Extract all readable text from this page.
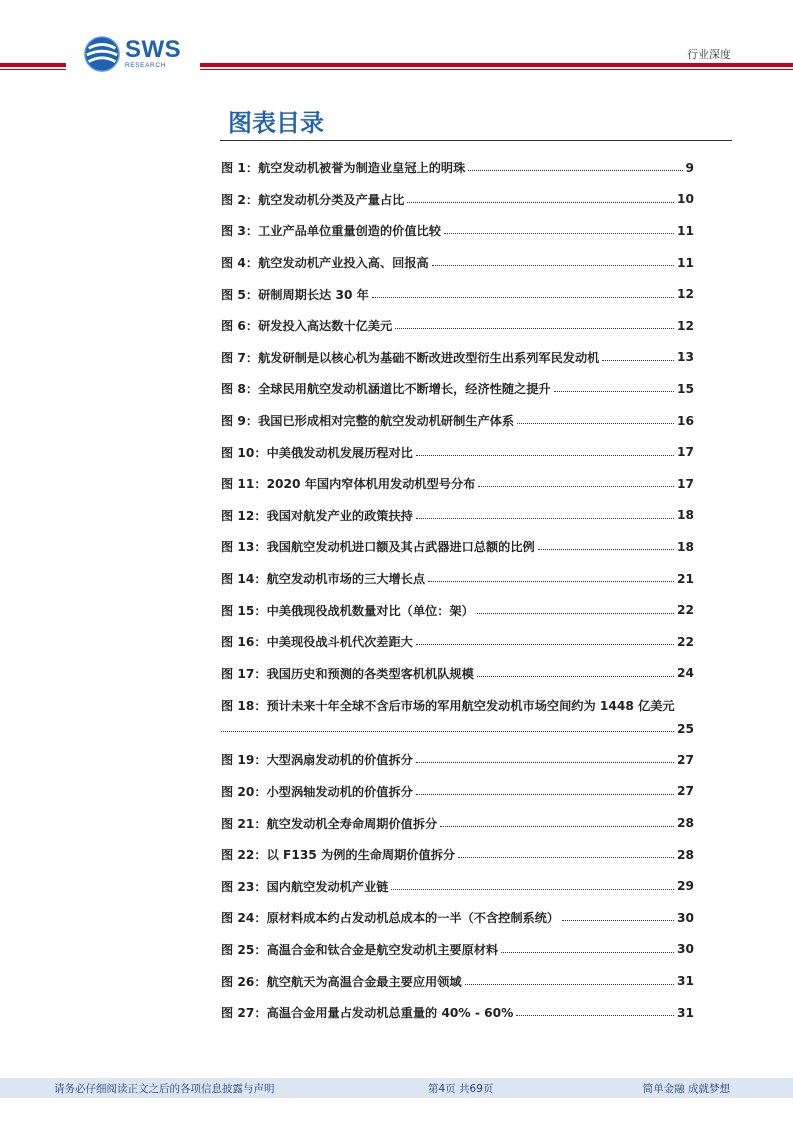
SWS
RESEARCH
行业深度
图表目录
图 1：航空发动机被誉为制造业皇冠上的明珠	9
图 2：航空发动机分类及产量占比	10
图 3：工业产品单位重量创造的价值比较	11
图 4：航空发动机产业投入高、回报高	11
图 5：研制周期长达 30 年	12
图 6：研发投入高达数十亿美元	12
图 7：航发研制是以核心机为基础不断改进改型衍生出系列军民发动机	13
图 8：全球民用航空发动机涵道比不断增长，经济性随之提升	15
图 9：我国已形成相对完整的航空发动机研制生产体系	16
图 10：中美俄发动机发展历程对比	17
图 11：2020 年国内窄体机用发动机型号分布	17
图 12：我国对航发产业的政策扶持	18
图 13：我国航空发动机进口额及其占武器进口总额的比例	18
图 14：航空发动机市场的三大增长点	21
图 15：中美俄现役战机数量对比（单位：架）	22
图 16：中美现役战斗机代次差距大	22
图 17：我国历史和预测的各类型客机机队规模	24
图 18：预计未来十年全球不含后市场的军用航空发动机市场空间约为 1448 亿美元
25
图 19：大型涡扇发动机的价值拆分	27
图 20：小型涡轴发动机的价值拆分	27
图 21：航空发动机全寿命周期价值拆分	28
图 22：以 F135 为例的生命周期价值拆分	28
图 23：国内航空发动机产业链	29
图 24：原材料成本约占发动机总成本的一半（不含控制系统）	30
图 25：高温合金和钛合金是航空发动机主要原材料	30
图 26：航空航天为高温合金最主要应用领域	31
图 27：高温合金用量占发动机总重量的 40% - 60%	31
请务必仔细阅读正文之后的各项信息披露与声明	第4页 共69页	简单金融 成就梦想
